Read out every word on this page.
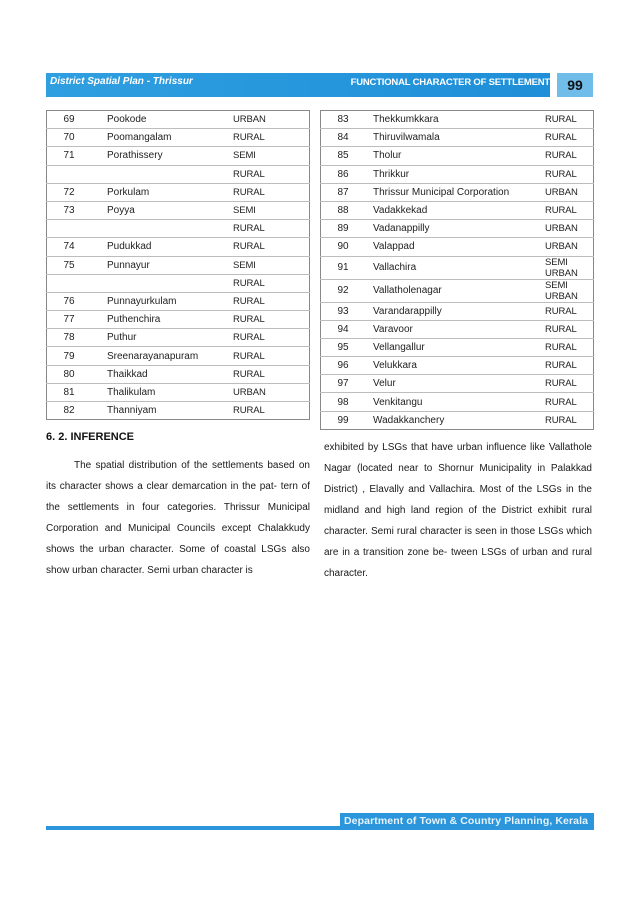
District Spatial Plan - Thrissur	FUNCTIONAL CHARACTER OF SETTLEMENT 99
69	Pookode	URBAN
70	Poomangalam	RURAL
71	Porathissery	SEMI
		RURAL
72	Porkulam	RURAL
73	Poyya	SEMI
		RURAL
74	Pudukkad	RURAL
75	Punnayur	SEMI
		RURAL
76	Punnayurkulam	RURAL
77	Puthenchira	RURAL
78	Puthur	RURAL
79	Sreenarayanapuram	RURAL
80	Thaikkad	RURAL
81	Thalikulam	URBAN
82	Thanniyam	RURAL
83	Thekkumkkara	RURAL
84	Thiruvilwamala	RURAL
85	Tholur	RURAL
86	Thrikkur	RURAL
87	Thrissur Municipal Corporation	URBAN
88	Vadakkekad	RURAL
89	Vadanappilly	URBAN
90	Valappad	URBAN
91	Vallachira	SEMI URBAN
92	Vallatholenagar	SEMI URBAN
93	Varandarappilly	RURAL
94	Varavoor	RURAL
95	Vellangallur	RURAL
96	Velukkara	RURAL
97	Velur	RURAL
98	Venkitangu	RURAL
99	Wadakkanchery	RURAL
6. 2. INFERENCE
The spatial distribution of the settlements based on its character shows a clear demarcation in the pat- tern of the settlements in four categories. Thrissur Municipal Corporation and Municipal Councils except Chalakkudy shows the urban character. Some of coastal LSGs also show urban character. Semi urban character is
exhibited by LSGs that have urban influence like Vallathole Nagar (located near to Shornur Municipality in Palakkad District) , Elavally and Vallachira. Most of the LSGs in the midland and high land region of the District exhibit rural character. Semi rural character is seen in those LSGs which are in a transition zone be- tween LSGs of urban and rural character.
Department of Town & Country Planning, Kerala
